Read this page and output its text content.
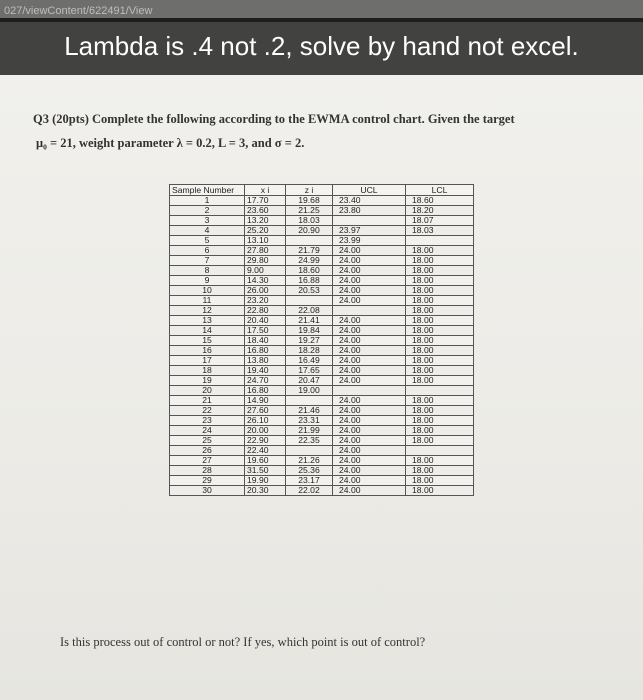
027/viewContent/622491/View
Lambda is .4 not .2, solve by hand not excel.
Q3 (20pts) Complete the following according to the EWMA control chart. Given the target
μ₀ = 21, weight parameter λ = 0.2, L = 3, and σ = 2.
Sample Number	x i	z i	UCL	LCL
1	17.70	19.68	23.40	18.60
2	23.60	21.25	23.80	18.20
3	13.20	18.03		18.07
4	25.20	20.90	23.97	18.03
5	13.10		23.99	
6	27.80	21.79	24.00	18.00
7	29.80	24.99	24.00	18.00
8	9.00	18.60	24.00	18.00
9	14.30	16.88	24.00	18.00
10	26.00	20.53	24.00	18.00
11	23.20		24.00	18.00
12	22.80	22.08		18.00
13	20.40	21.41	24.00	18.00
14	17.50	19.84	24.00	18.00
15	18.40	19.27	24.00	18.00
16	16.80	18.28	24.00	18.00
17	13.80	16.49	24.00	18.00
18	19.40	17.65	24.00	18.00
19	24.70	20.47	24.00	18.00
20	16.80	19.00		
21	14.90		24.00	18.00
22	27.60	21.46	24.00	18.00
23	26.10	23.31	24.00	18.00
24	20.00	21.99	24.00	18.00
25	22.90	22.35	24.00	18.00
26	22.40		24.00	
27	19.60	21.26	24.00	18.00
28	31.50	25.36	24.00	18.00
29	19.90	23.17	24.00	18.00
30	20.30	22.02	24.00	18.00
Is this process out of control or not? If yes, which point is out of control?
